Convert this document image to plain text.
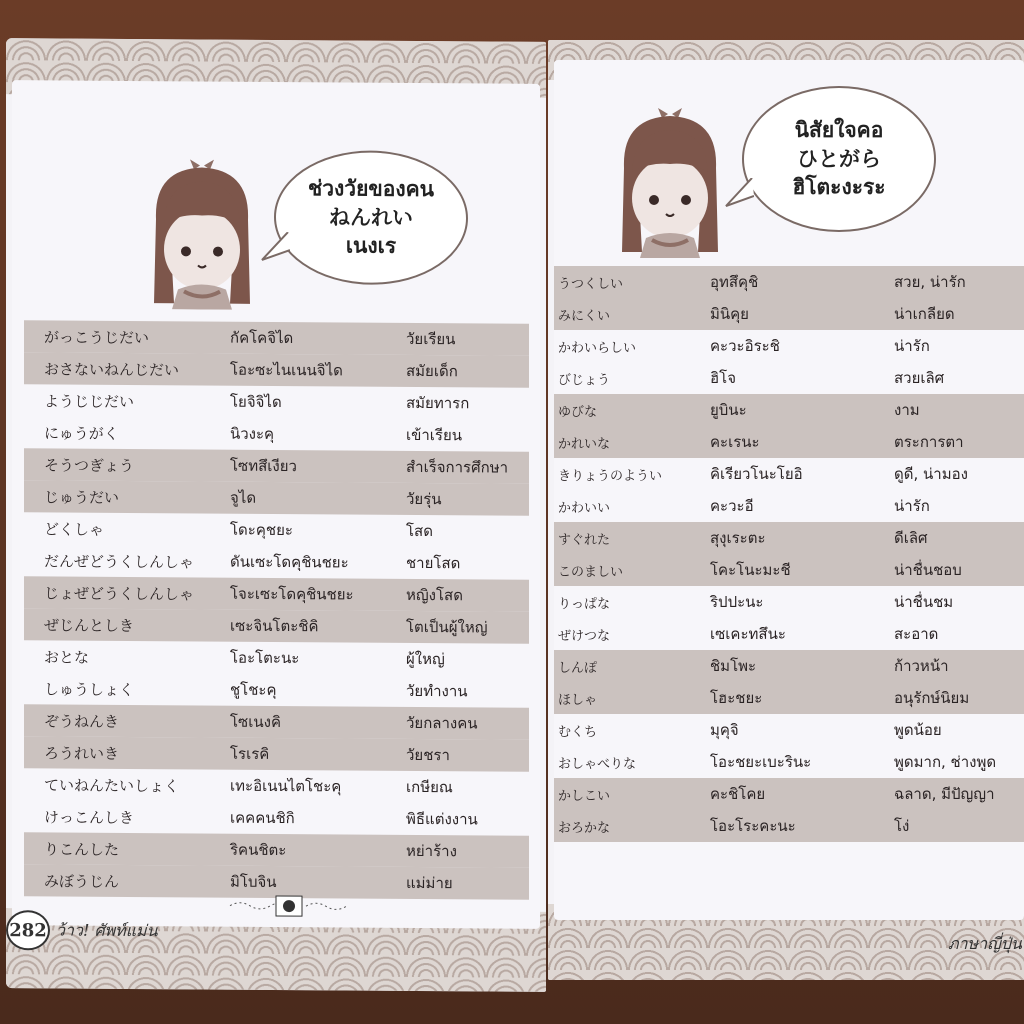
ช่วงวัยของคน
ねんれい
เนงเร
がっこうじだい	กัคโคจิได	วัยเรียน
おさないねんじだい	โอะซะไนเนนจิได	สมัยเด็ก
ようじじだい	โยจิจิได	สมัยทารก
にゅうがく	นิวงะคุ	เข้าเรียน
そうつぎょう	โซทสึเงียว	สำเร็จการศึกษา
じゅうだい	จูได	วัยรุ่น
どくしゃ	โดะคุชยะ	โสด
だんぜどうくしんしゃ ดันเซะโดคุชินชยะ	ชายโสด
じょぜどうくしんしゃ โจะเซะโดคุชินชยะ	หญิงโสด
ぜじんとしき	เซะจินโตะชิคิ	โตเป็นผู้ใหญ่
おとな	โอะโตะนะ	ผู้ใหญ่
しゅうしょく	ชูโชะคุ	วัยทำงาน
ぞうねんき	โซเนงคิ	วัยกลางคน
ろうれいき	โรเรคิ	วัยชรา
ていねんたいしょく	เทะอิเนนไตโชะคุ	เกษียณ
けっこんしき	เคคคนชิกิ	พิธีแต่งงาน
りこんした	ริคนชิตะ	หย่าร้าง
みぼうじん	มิโบจิน	แม่ม่าย
282 ว้าว! ศัพท์แม่น
นิสัยใจคอ
ひとがら
ฮิโตะงะระ
うつくしい	อุทสึคุชิ	สวย, น่ารัก
みにくい	มินิคุย	น่าเกลียด
かわいらしい	คะวะอิระชิ	น่ารัก
びじょう	ฮิโจ	สวยเลิศ
ゆびな	ยูบินะ	งาม
かれいな	คะเรนะ	ตระการตา
きりょうのようい	คิเรียวโนะโยอิ	ดูดี, น่ามอง
かわいい	คะวะอี	น่ารัก
すぐれた	สุงุเระตะ	ดีเลิศ
このましい	โคะโนะมะชี	น่าชื่นชอบ
りっぱな	ริปปะนะ	น่าชื่นชม
ぜけつな	เซเคะทสึนะ	สะอาด
しんぽ	ชิมโพะ	ก้าวหน้า
ほしゃ	โฮะชยะ	อนุรักษ์นิยม
むくち	มุคุจิ	พูดน้อย
おしゃべりな	โอะชยะเบะรินะ	พูดมาก, ช่างพูด
かしこい	คะชิโคย	ฉลาด, มีปัญญา
おろかな	โอะโระคะนะ	โง่
ภาษาญี่ปุ่น
